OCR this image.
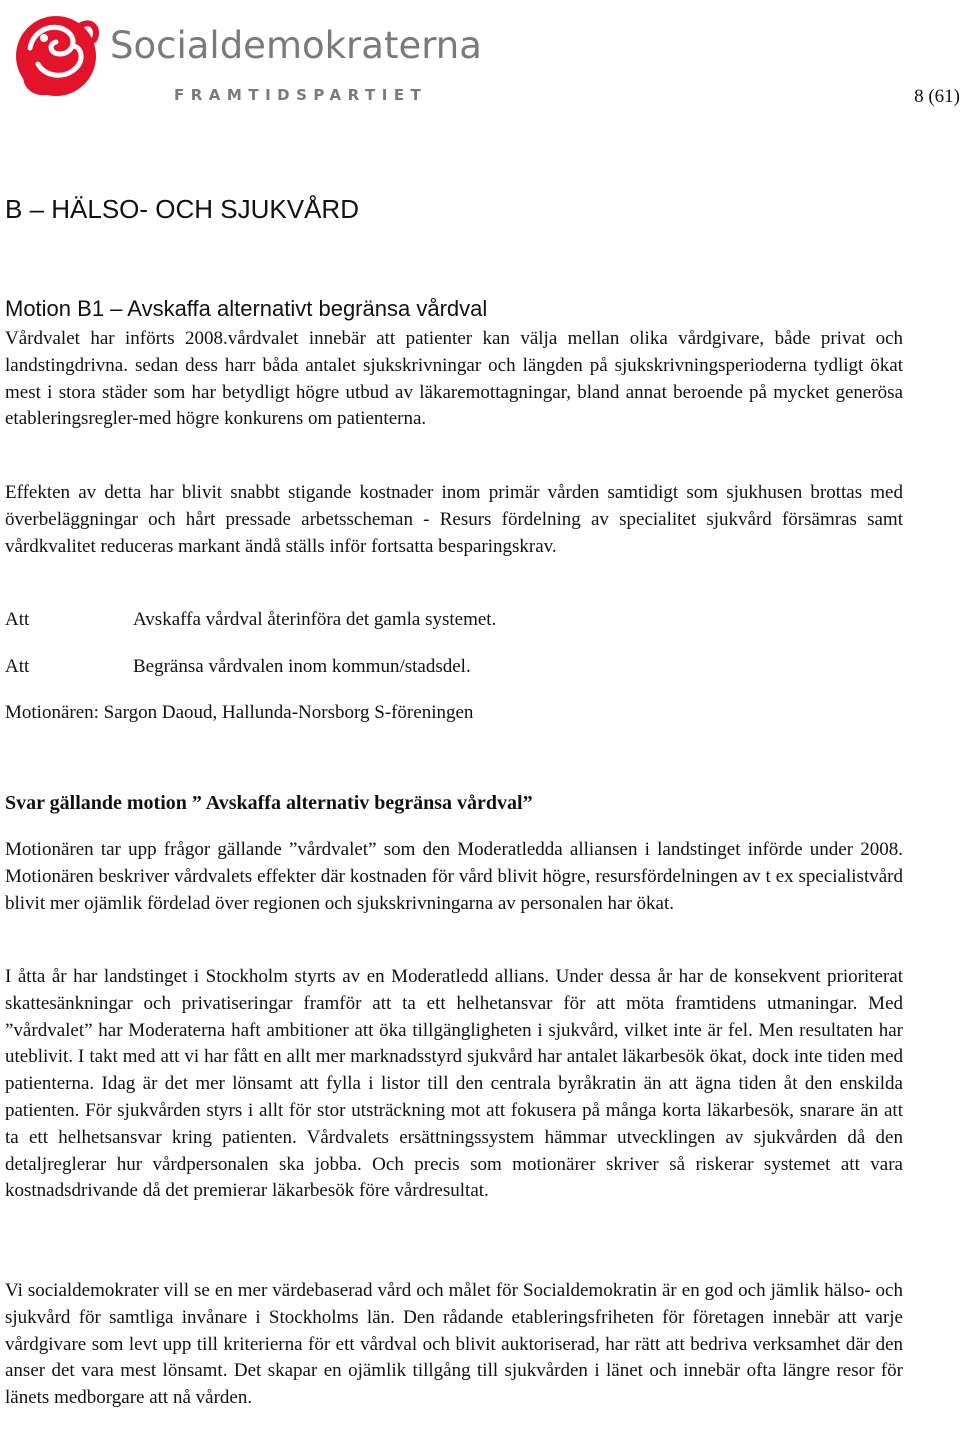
Socialdemokraterna
FRAMTIDSPARTIET	8 (61)
B – HÄLSO- OCH SJUKVÅRD
Motion B1 – Avskaffa alternativt begränsa vårdval

Vårdvalet har införts 2008.vårdvalet innebär att patienter kan välja mellan olika vårdgivare, både privat och landstingdrivna. sedan dess harr båda antalet sjukskrivningar och längden på sjukskrivningsperioderna tydligt ökat mest i stora städer som har betydligt högre utbud av läkaremottagningar, bland annat beroende på mycket generösa etableringsregler-med högre konkurens om patienterna.

Effekten av detta har blivit snabbt stigande kostnader inom primär vården samtidigt som sjukhusen brottas med överbeläggningar och hårt pressade arbetsscheman - Resurs fördelning av specialitet sjukvård försämras samt vårdkvalitet reduceras markant ändå ställs inför fortsatta besparingskrav.

Att	Avskaffa vårdval återinföra det gamla systemet.
Att	Begränsa vårdvalen inom kommun/stadsdel.
Motionären: Sargon Daoud, Hallunda-Norsborg S-föreningen
Svar gällande motion ” Avskaffa alternativ begränsa vårdval”

Motionären tar upp frågor gällande ”vårdvalet” som den Moderatledda alliansen i landstinget införde under 2008. Motionären beskriver vårdvalets effekter där kostnaden för vård blivit högre, resursfördelningen av t ex specialistvård blivit mer ojämlik fördelad över regionen och sjukskrivningarna av personalen har ökat.

I åtta år har landstinget i Stockholm styrts av en Moderatledd allians. Under dessa år har de konsekvent prioriterat skattesänkningar och privatiseringar framför att ta ett helhetansvar för att möta framtidens utmaningar. Med ”vårdvalet” har Moderaterna haft ambitioner att öka tillgängligheten i sjukvård, vilket inte är fel. Men resultaten har uteblivit. I takt med att vi har fått en allt mer marknadsstyrd sjukvård har antalet läkarbesök ökat, dock inte tiden med patienterna. Idag är det mer lönsamt att fylla i listor till den centrala byråkratin än att ägna tiden åt den enskilda patienten. För sjukvården styrs i allt för stor utsträckning mot att fokusera på många korta läkarbesök, snarare än att ta ett helhetsansvar kring patienten. Vårdvalets ersättningssystem hämmar utvecklingen av sjukvården då den detaljreglerar hur vårdpersonalen ska jobba. Och precis som motionärer skriver så riskerar systemet att vara kostnadsdrivande då det premierar läkarbesök före vårdresultat.

Vi socialdemokrater vill se en mer värdebaserad vård och målet för Socialdemokratin är en god och jämlik hälso- och sjukvård för samtliga invånare i Stockholms län. Den rådande etableringsfriheten för företagen innebär att varje vårdgivare som levt upp till kriterierna för ett vårdval och blivit auktoriserad, har rätt att bedriva verksamhet där den anser det vara mest lönsamt. Det skapar en ojämlik tillgång till sjukvården i länet och innebär ofta längre resor för länets medborgare att nå vården.
